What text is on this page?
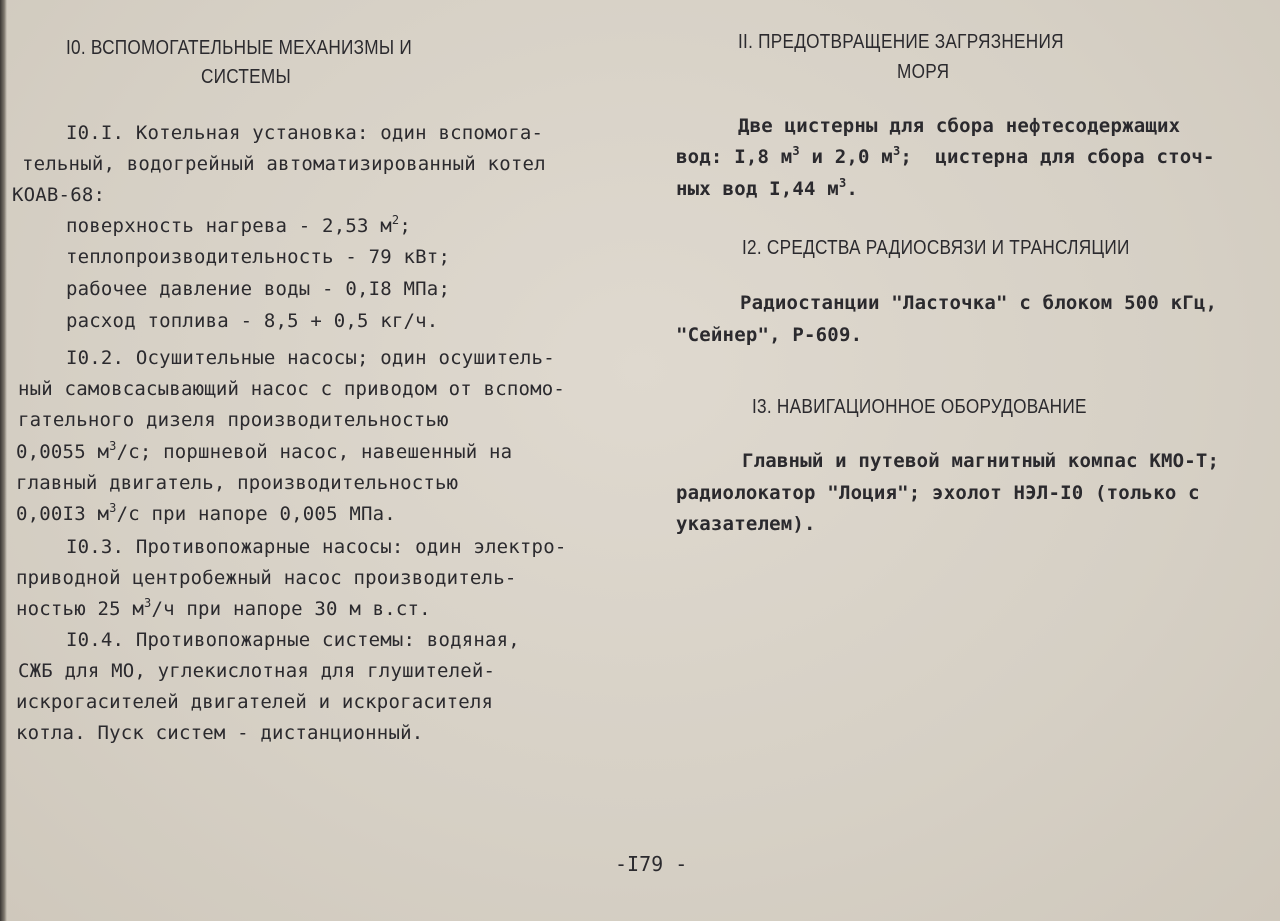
I0. ВСПОМОГАТЕЛЬНЫЕ МЕХАНИЗМЫ И
СИСТЕМЫ
I0.I. Котельная установка: один вспомога-
тельный, водогрейный автоматизированный котел
КОАВ-68:
поверхность нагрева - 2,53 $м^2$;
теплопроизводительность - 79 кВт;
рабочее давление воды - 0,I8 МПа;
расход топлива - 8,5 + 0,5 кг/ч.
I0.2. Осушительные насосы; один осушитель-
ный самовсасывающий насос с приводом от вспомо-
гательного дизеля производительностью
0,0055 $м^3/с$; поршневой насос, навешенный на
главный двигатель, производительностью
0,00I3 $м^3/с$ при напоре 0,005 МПа.
I0.3. Противопожарные насосы: один электро-
приводной центробежный насос производитель-
ностью 25 $м^3/ч$ при напоре 30 м в.ст.
I0.4. Противопожарные системы: водяная,
СЖБ для МО, углекислотная для глушителей-
искрогасителей двигателей и искрогасителя
котла. Пуск систем - дистанционный.
II. ПРЕДОТВРАЩЕНИЕ ЗАГРЯЗНЕНИЯ
МОРЯ
Две цистерны для сбора нефтесодержащих
вод: I,8 $м^3$ и 2,0 $м^3$;  цистерна для сбора сточ-
ных вод I,44 $м^3$.
I2. СРЕДСТВА РАДИОСВЯЗИ И ТРАНСЛЯЦИИ
Радиостанции "Ласточка" с блоком 500 кГц,
"Сейнер", Р-609.
I3. НАВИГАЦИОННОЕ ОБОРУДОВАНИЕ
Главный и путевой магнитный компас КМО-Т;
радиолокатор "Лоция"; эхолот НЭЛ-I0 (только с
указателем).
-I79 -
